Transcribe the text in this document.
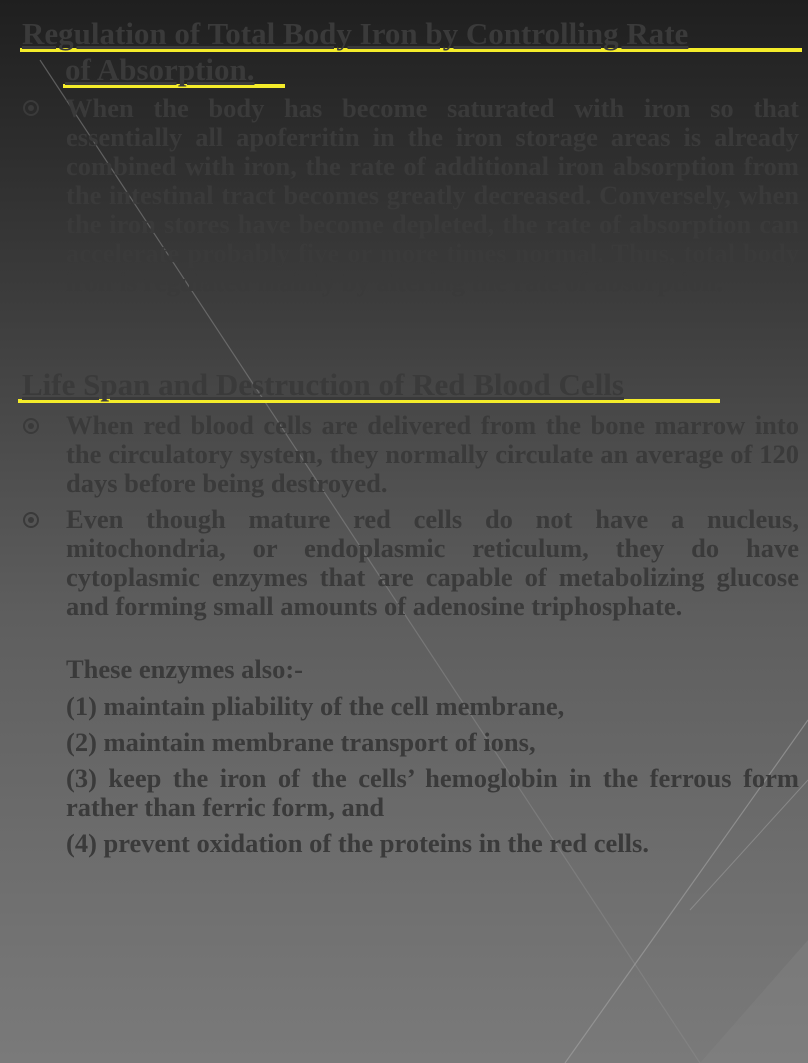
Regulation of Total Body Iron by Controlling Rate
of Absorption.

When the body has become saturated with iron so that essentially all apoferritin in the iron storage areas is already combined with iron, the rate of additional iron absorption from the intestinal tract becomes greatly decreased. Conversely, when the iron stores have become depleted, the rate of absorption can accelerate probably five or more times normal. Thus, total body iron is regulated mainly by altering the rate of absorption.

Life Span and Destruction of Red Blood Cells

When red blood cells are delivered from the bone marrow into the circulatory system, they normally circulate an average of 120 days before being destroyed.

Even though mature red cells do not have a nucleus, mitochondria, or endoplasmic reticulum, they do have cytoplasmic enzymes that are capable of metabolizing glucose and forming small amounts of adenosine triphosphate.

These enzymes also:-

(1) maintain pliability of the cell membrane,

(2) maintain membrane transport of ions,

(3) keep the iron of the cells’ hemoglobin in the ferrous form rather than ferric form, and

(4) prevent oxidation of the proteins in the red cells.
